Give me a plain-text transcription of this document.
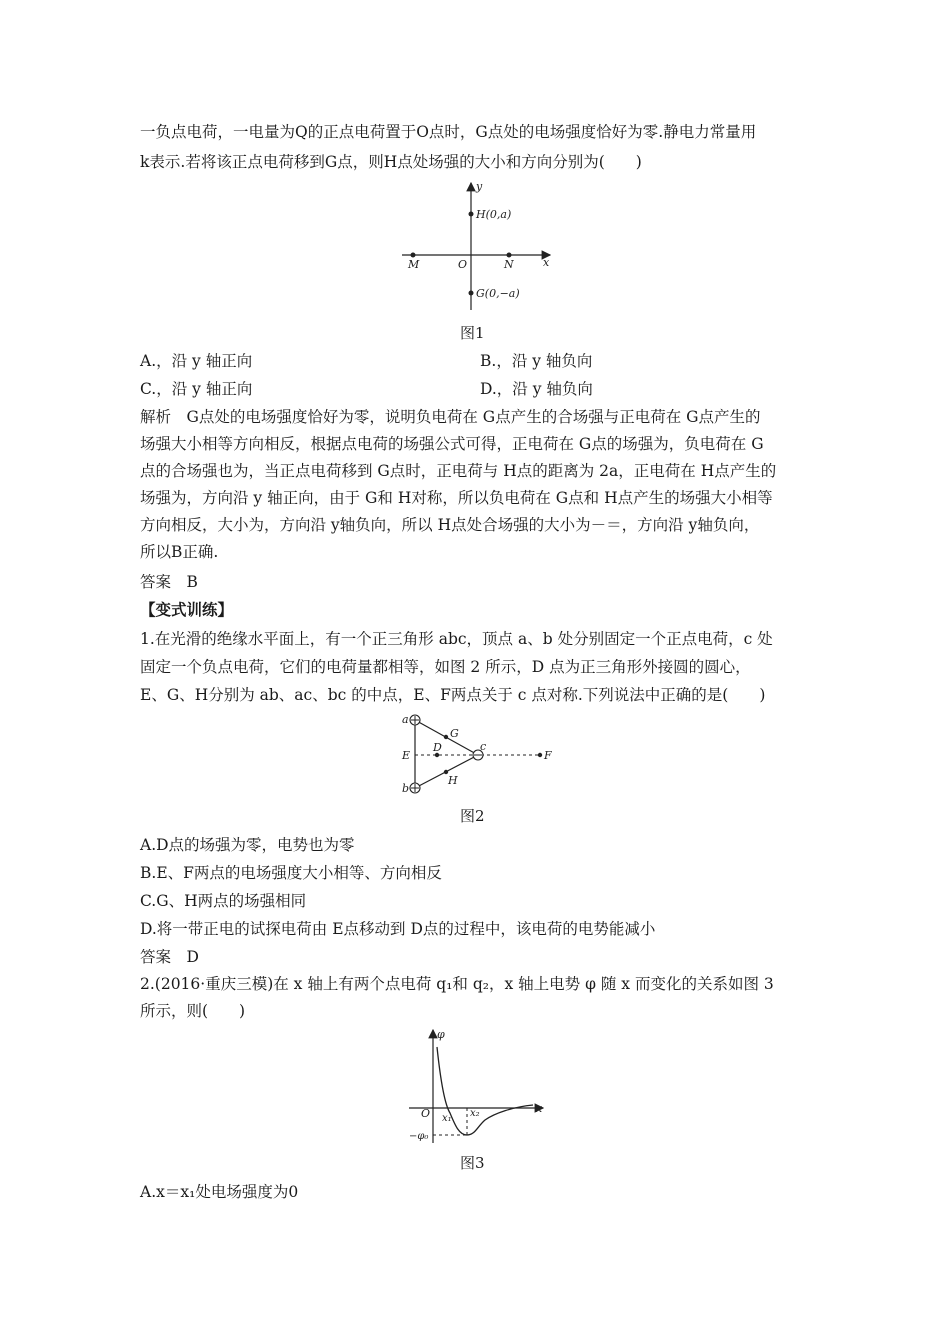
一负点电荷，一电量为Q的正点电荷置于O点时，G点处的电场强度恰好为零.静电力常量用
k表示.若将该正点电荷移到G点，则H点处场强的大小和方向分别为(　　)
y
H(0,a)
M	O	N	x
G(0,−a)
图1
A.，沿 y 轴正向	B.，沿 y 轴负向
C.，沿 y 轴正向	D.，沿 y 轴负向
解析　G点处的电场强度恰好为零，说明负电荷在 G点产生的合场强与正电荷在 G点产生的
场强大小相等方向相反，根据点电荷的场强公式可得，正电荷在 G点的场强为，负电荷在 G
点的合场强也为，当正点电荷移到 G点时，正电荷与 H点的距离为 2a，正电荷在 H点产生的
场强为，方向沿 y 轴正向，由于 G和 H对称，所以负电荷在 G点和 H点产生的场强大小相等
方向相反，大小为，方向沿 y轴负向，所以 H点处合场强的大小为－＝，方向沿 y轴负向，
所以B正确.
答案　B
【变式训练】
1.在光滑的绝缘水平面上，有一个正三角形 abc，顶点 a、b 处分别固定一个正点电荷，c 处
固定一个负点电荷，它们的电荷量都相等，如图 2 所示，D 点为正三角形外接圆的圆心，
E、G、H分别为 ab、ac、bc 的中点，E、F两点关于 c 点对称.下列说法中正确的是(　　)
a
b
E
D
G
H
c
F
图2
A.D点的场强为零，电势也为零
B.E、F两点的电场强度大小相等、方向相反
C.G、H两点的场强相同
D.将一带正电的试探电荷由 E点移动到 D点的过程中，该电荷的电势能减小
答案　D
2.(2016·重庆三模)在 x 轴上有两个点电荷 q₁和 q₂，x 轴上电势 φ 随 x 而变化的关系如图 3
所示，则(　　)
φ
O x₁ x₂	x
−φ₀
图3
A.x＝x₁处电场强度为0
